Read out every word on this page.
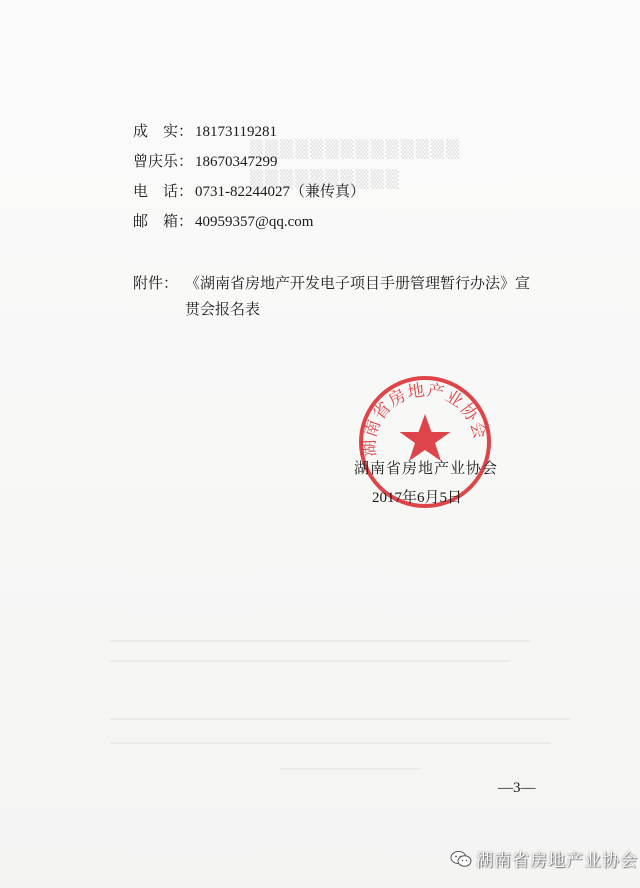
▒▒▒▒▒▒▒▒▒▒▒▒▒▒
▒▒▒▒▒▒▒▒▒▒
成　实： 18173119281
曾庆乐： 18670347299
电　话： 0731-82244027（兼传真）
邮　箱： 40959357@qq.com
附件： 《湖南省房地产开发电子项目手册管理暂行办法》宣
贯会报名表
湖南省房地产业协会
湖南省房地产业协会
2017年6月5日
—3—
湖南省房地产业协会
